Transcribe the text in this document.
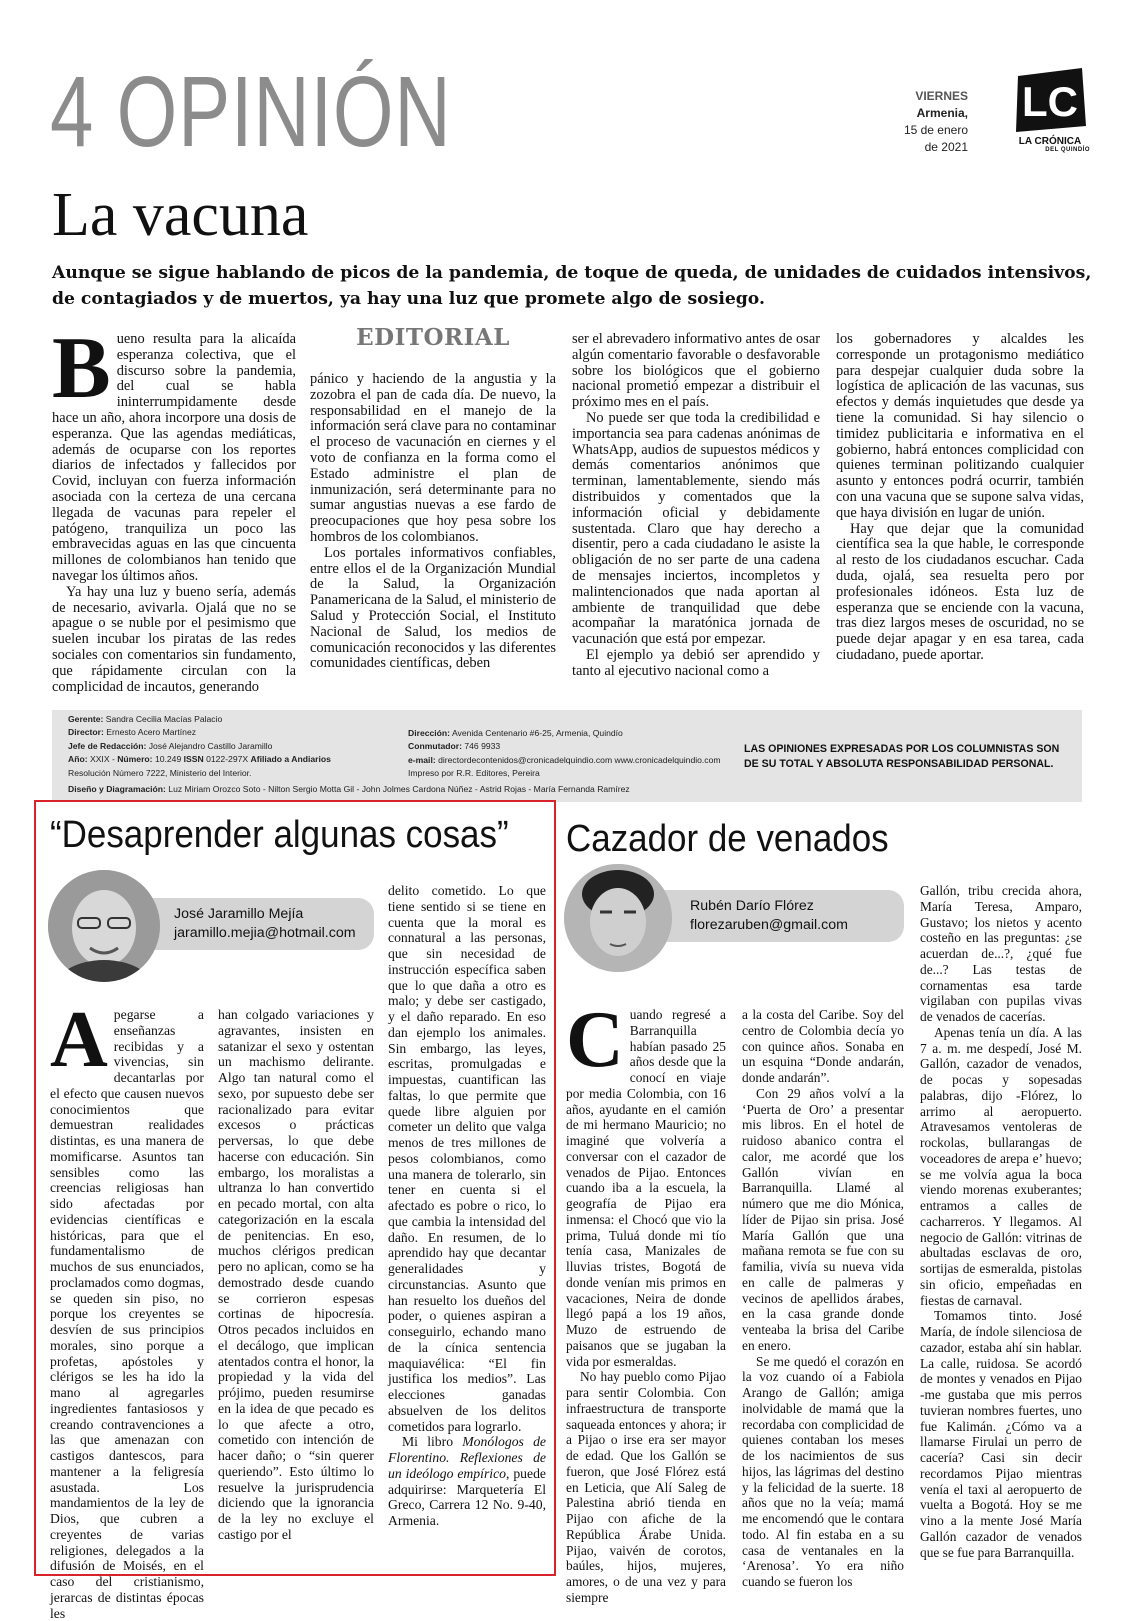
4 OPINIÓN	VIERNES
Armenia,
15 de enero
de 2021
LC
LA CRÓNICA
DEL QUINDÍO
La vacuna
Aunque se sigue hablando de picos de la pandemia, de toque de queda, de unidades de cuidados intensivos, de contagiados y de muertos, ya hay una luz que promete algo de sosiego.
EDITORIAL

Bueno resulta para la alicaída esperanza colectiva, que el discurso sobre la pandemia, del cual se habla ininterrumpidamente desde hace un año, ahora incorpore una dosis de esperanza. Que las agendas mediáticas, además de ocuparse con los reportes diarios de infectados y fallecidos por Covid, incluyan con fuerza información asociada con la certeza de una cercana llegada de vacunas para repeler el patógeno, tranquiliza un poco las embravecidas aguas en las que cincuenta millones de colombianos han tenido que navegar los últimos años.

Ya hay una luz y bueno sería, además de necesario, avivarla. Ojalá que no se apague o se nuble por el pesimismo que suelen incubar los piratas de las redes sociales con comentarios sin fundamento, que rápidamente circulan con la complicidad de incautos, generando

pánico y haciendo de la angustia y la zozobra el pan de cada día. De nuevo, la responsabilidad en el manejo de la información será clave para no contaminar el proceso de vacunación en ciernes y el voto de confianza en la forma como el Estado administre el plan de inmunización, será determinante para no sumar angustias nuevas a ese fardo de preocupaciones que hoy pesa sobre los hombros de los colombianos.

Los portales informativos confiables, entre ellos el de la Organización Mundial de la Salud, la Organización Panamericana de la Salud, el ministerio de Salud y Protección Social, el Instituto Nacional de Salud, los medios de comunicación reconocidos y las diferentes comunidades científicas, deben

ser el abrevadero informativo antes de osar algún comentario favorable o desfavorable sobre los biológicos que el gobierno nacional prometió empezar a distribuir el próximo mes en el país.

No puede ser que toda la credibilidad e importancia sea para cadenas anónimas de WhatsApp, audios de supuestos médicos y demás comentarios anónimos que terminan, lamentablemente, siendo más distribuidos y comentados que la información oficial y debidamente sustentada. Claro que hay derecho a disentir, pero a cada ciudadano le asiste la obligación de no ser parte de una cadena de mensajes inciertos, incompletos y malintencionados que nada aportan al ambiente de tranquilidad que debe acompañar la maratónica jornada de vacunación que está por empezar.

El ejemplo ya debió ser aprendido y tanto al ejecutivo nacional como a

los gobernadores y alcaldes les corresponde un protagonismo mediático para despejar cualquier duda sobre la logística de aplicación de las vacunas, sus efectos y demás inquietudes que desde ya tiene la comunidad. Si hay silencio o timidez publicitaria e informativa en el gobierno, habrá entonces complicidad con quienes terminan politizando cualquier asunto y entonces podrá ocurrir, también con una vacuna que se supone salva vidas, que haya división en lugar de unión.

Hay que dejar que la comunidad científica sea la que hable, le corresponde al resto de los ciudadanos escuchar. Cada duda, ojalá, sea resuelta pero por profesionales idóneos. Esta luz de esperanza que se enciende con la vacuna, tras diez largos meses de oscuridad, no se puede dejar apagar y en esa tarea, cada ciudadano, puede aportar.

Gerente: Sandra Cecilia Macías Palacio
Director: Ernesto Acero Martínez
Jefe de Redacción: José Alejandro Castillo Jaramillo
Año: XXIX - Número: 10.249 ISSN 0122-297X Afiliado a Andiarios
Resolución Número 7222, Ministerio del Interior.
Diseño y Diagramación: Luz Miriam Orozco Soto - Nilton Sergio Motta Gil - John Jolmes Cardona Núñez - Astrid Rojas - María Fernanda Ramírez
Dirección: Avenida Centenario #6-25, Armenia, Quindío
Conmutador: 746 9933
e-mail: directordecontenidos@cronicadelquindio.com www.cronicadelquindio.com
Impreso por R.R. Editores, Pereira
LAS OPINIONES EXPRESADAS POR LOS COLUMNISTAS SON DE SU TOTAL Y ABSOLUTA RESPONSABILIDAD PERSONAL.
“Desaprender algunas cosas”
José Jaramillo Mejía
jaramillo.mejia@hotmail.com

Apegarse a enseñanzas recibidas y a vivencias, sin decantarlas por el efecto que causen nuevos conocimientos que demuestran realidades distintas, es una manera de momificarse. Asuntos tan sensibles como las creencias religiosas han sido afectadas por evidencias científicas e históricas, para que el fundamentalismo de muchos de sus enunciados, proclamados como dogmas, se queden sin piso, no porque los creyentes se desvíen de sus principios morales, sino porque a profetas, apóstoles y clérigos se les ha ido la mano al agregarles ingredientes fantasiosos y creando contravenciones a las que amenazan con castigos dantescos, para mantener a la feligresía asustada. Los mandamientos de la ley de Dios, que cubren a creyentes de varias religiones, delegados a la difusión de Moisés, en el caso del cristianismo, jerarcas de distintas épocas les

han colgado variaciones y agravantes, insisten en satanizar el sexo y ostentan un machismo delirante. Algo tan natural como el sexo, por supuesto debe ser racionalizado para evitar excesos o prácticas perversas, lo que debe hacerse con educación. Sin embargo, los moralistas a ultranza lo han convertido en pecado mortal, con alta categorización en la escala de penitencias. En eso, muchos clérigos predican pero no aplican, como se ha demostrado desde cuando se corrieron espesas cortinas de hipocresía. Otros pecados incluidos en el decálogo, que implican atentados contra el honor, la propiedad y la vida del prójimo, pueden resumirse en la idea de que pecado es lo que afecte a otro, cometido con intención de hacer daño; o “sin querer queriendo”. Esto último lo resuelve la jurisprudencia diciendo que la ignorancia de la ley no excluye el castigo por el

delito cometido. Lo que tiene sentido si se tiene en cuenta que la moral es connatural a las personas, que sin necesidad de instrucción específica saben que lo que daña a otro es malo; y debe ser castigado, y el daño reparado. En eso dan ejemplo los animales. Sin embargo, las leyes, escritas, promulgadas e impuestas, cuantifican las faltas, lo que permite que quede libre alguien por cometer un delito que valga menos de tres millones de pesos colombianos, como una manera de tolerarlo, sin tener en cuenta si el afectado es pobre o rico, lo que cambia la intensidad del daño. En resumen, de lo aprendido hay que decantar generalidades y circunstancias. Asunto que han resuelto los dueños del poder, o quienes aspiran a conseguirlo, echando mano de la cínica sentencia maquiavélica: “El fin justifica los medios”. Las elecciones ganadas absuelven de los delitos cometidos para lograrlo.

Mi libro Monólogos de Florentino. Reflexiones de un ideólogo empírico, puede adquirirse: Marquetería El Greco, Carrera 12 No. 9-40, Armenia.

Cazador de venados
Rubén Darío Flórez
florezaruben@gmail.com

Cuando regresé a Barranquilla habían pasado 25 años desde que la conocí en viaje por media Colombia, con 16 años, ayudante en el camión de mi hermano Mauricio; no imaginé que volvería a conversar con el cazador de venados de Pijao. Entonces cuando iba a la escuela, la geografía de Pijao era inmensa: el Chocó que vio la prima, Tuluá donde mi tío tenía casa, Manizales de lluvias tristes, Bogotá de donde venían mis primos en vacaciones, Neira de donde llegó papá a los 19 años, Muzo de estruendo de paisanos que se jugaban la vida por esmeraldas.

No hay pueblo como Pijao para sentir Colombia. Con infraestructura de transporte saqueada entonces y ahora; ir a Pijao o irse era ser mayor de edad. Que los Gallón se fueron, que José Flórez está en Leticia, que Alí Saleg de Palestina abrió tienda en Pijao con afiche de la República Árabe Unida. Pijao, vaivén de corotos, baúles, hijos, mujeres, amores, o de una vez y para siempre

a la costa del Caribe. Soy del centro de Colombia decía yo con quince años. Sonaba en un esquina “Donde andarán, donde andarán”.

Con 29 años volví a la ‘Puerta de Oro’ a presentar mis libros. En el hotel de ruidoso abanico contra el calor, me acordé que los Gallón vivían en Barranquilla. Llamé al número que me dio Mónica, líder de Pijao sin prisa. José María Gallón que una mañana remota se fue con su familia, vivía su nueva vida en calle de palmeras y vecinos de apellidos árabes, en la casa grande donde venteaba la brisa del Caribe en enero.

Se me quedó el corazón en la voz cuando oí a Fabiola Arango de Gallón; amiga inolvidable de mamá que la recordaba con complicidad de quienes contaban los meses de los nacimientos de sus hijos, las lágrimas del destino y la felicidad de la suerte. 18 años que no la veía; mamá me encomendó que le contara todo. Al fin estaba en a su casa de ventanales en la ‘Arenosa’. Yo era niño cuando se fueron los

Gallón, tribu crecida ahora, María Teresa, Amparo, Gustavo; los nietos y acento costeño en las preguntas: ¿se acuerdan de...?, ¿qué fue de...? Las testas de cornamentas esa tarde vigilaban con pupilas vivas de venados de cacerías.

Apenas tenía un día. A las 7 a. m. me despedí, José M. Gallón, cazador de venados, de pocas y sopesadas palabras, dijo -Flórez, lo arrimo al aeropuerto. Atravesamos ventoleras de rockolas, bullarangas de voceadores de arepa e’ huevo; se me volvía agua la boca viendo morenas exuberantes; entramos a calles de cacharreros. Y llegamos. Al negocio de Gallón: vitrinas de abultadas esclavas de oro, sortijas de esmeralda, pistolas sin oficio, empeñadas en fiestas de carnaval.

Tomamos tinto. José María, de índole silenciosa de cazador, estaba ahí sin hablar. La calle, ruidosa. Se acordó de montes y venados en Pijao -me gustaba que mis perros tuvieran nombres fuertes, uno fue Kalimán. ¿Cómo va a llamarse Firulai un perro de cacería? Casi sin decir recordamos Pijao mientras venía el taxi al aeropuerto de vuelta a Bogotá. Hoy se me vino a la mente José María Gallón cazador de venados que se fue para Barranquilla.
